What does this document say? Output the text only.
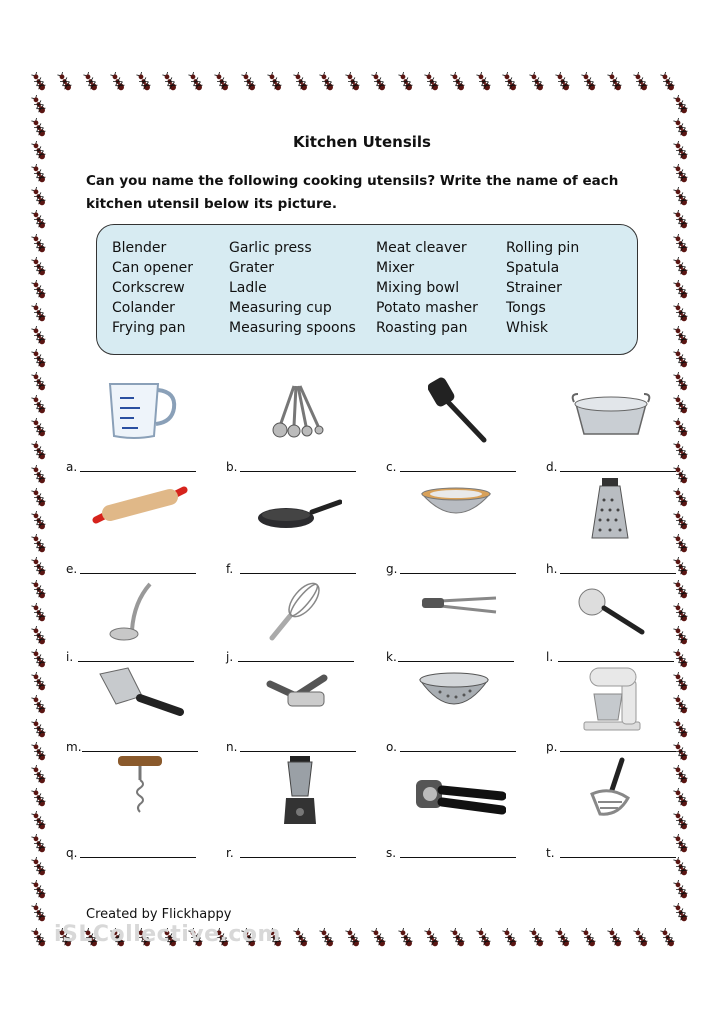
Kitchen Utensils
Can you name the following cooking utensils? Write the name of each kitchen utensil below its picture.
Blender
Can opener
Corkscrew
Colander
Frying pan
Garlic press
Grater
Ladle
Measuring cup
Measuring spoons
Meat cleaver
Mixer
Mixing bowl
Potato masher
Roasting pan
Rolling pin
Spatula
Strainer
Tongs
Whisk
a.	b.	c.	d.
e.	f.	g.	h.
i.	j.	k.	l.
m.	n.	o.	p.
q.	r.	s.	t.
Created by Flickhappy
iSLCollective.com
